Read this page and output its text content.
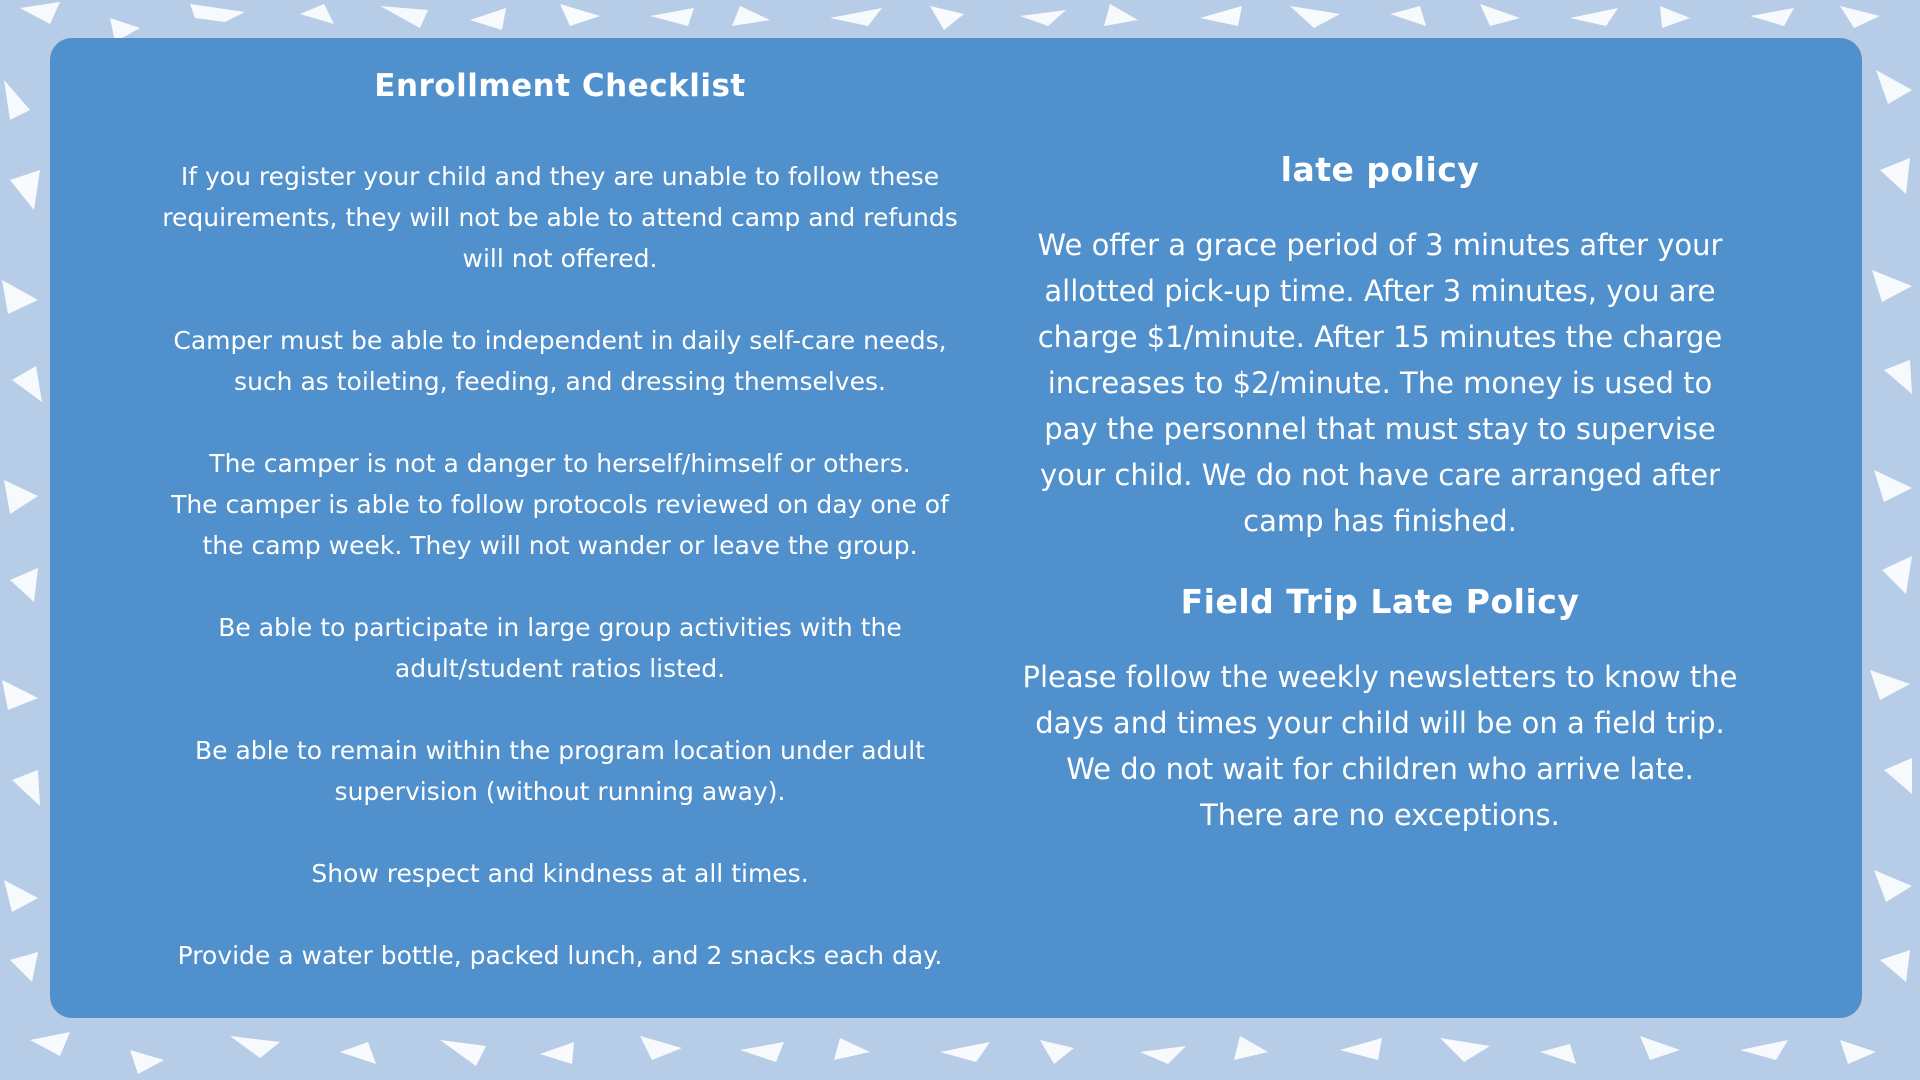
Enrollment Checklist

If you register your child and they are unable to follow these
requirements, they will not be able to attend camp and refunds
will not offered.

Camper must be able to independent in daily self-care needs,
such as toileting, feeding, and dressing themselves.

The camper is not a danger to herself/himself or others.
The camper is able to follow protocols reviewed on day one of
the camp week. They will not wander or leave the group.

Be able to participate in large group activities with the
adult/student ratios listed.

Be able to remain within the program location under adult
supervision (without running away).

Show respect and kindness at all times.

Provide a water bottle, packed lunch, and 2 snacks each day.

late policy

We offer a grace period of 3 minutes after your
allotted pick-up time. After 3 minutes, you are
charge $1/minute. After 15 minutes the charge
increases to $2/minute. The money is used to
pay the personnel that must stay to supervise
your child. We do not have care arranged after
camp has finished.

Field Trip Late Policy

Please follow the weekly newsletters to know the
days and times your child will be on a field trip.
We do not wait for children who arrive late.
There are no exceptions.
